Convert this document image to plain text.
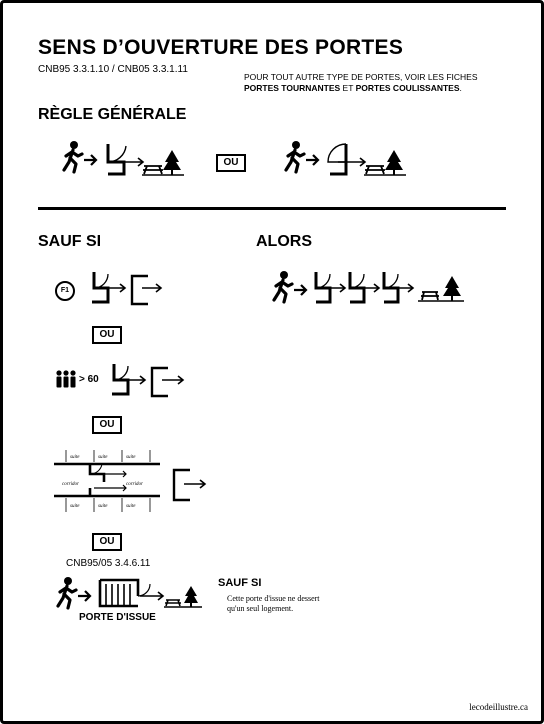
SENS D’OUVERTURE DES PORTES
CNB95 3.3.1.10 / CNB05 3.3.1.11
POUR TOUT AUTRE TYPE DE PORTES, VOIR LES FICHES
PORTES TOURNANTES ET PORTES COULISSANTES.
RÈGLE GÉNÉRALE
OU
SAUF SI	ALORS
F1
OU
> 60
OU
suite	suite	suite
corridor	corridor
suite	suite	suite
OU
CNB95/05 3.4.6.11
PORTE D'ISSUE
SAUF SI
Cette porte d'issue ne dessert
qu'un seul logement.
lecodeillustre.ca
